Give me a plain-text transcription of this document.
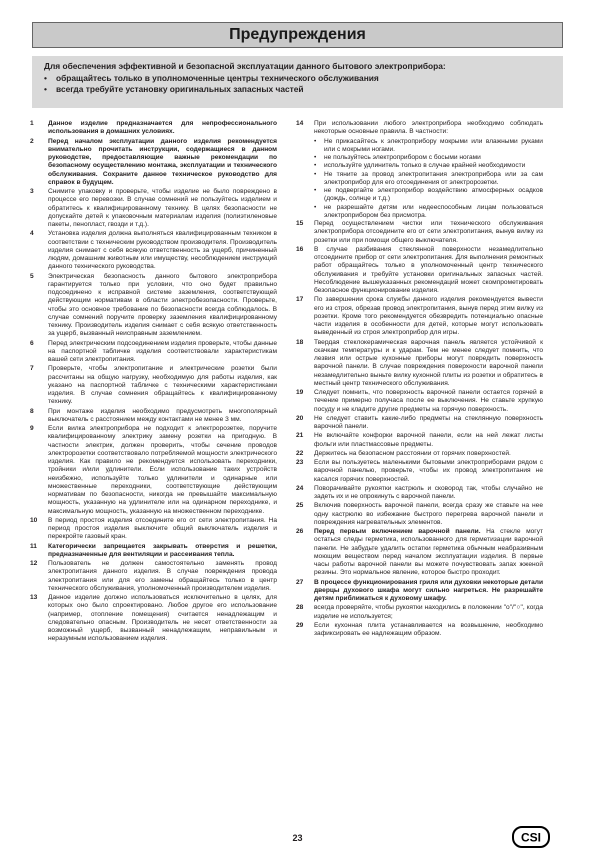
Предупреждения
Для обеспечения эффективной и безопасной эксплуатации данного бытового электроприбора:
• обращайтесь только в уполномоченные центры технического обслуживания
• всегда требуйте установку оригинальных запасных частей
1 Данное изделие предназначается для непрофессионального использования в домашних условиях.
2 Перед началом эксплуатации данного изделия рекомендуется внимательно прочитать инструкции, содержащиеся в данном руководстве, предоставляющие важные рекомендации по безопасному осуществлению монтажа, эксплуатации и технического обслуживания. Сохраните данное техническое руководство для справок в будущем.
3 Снимите упаковку и проверьте, чтобы изделие не было повреждено в процессе его перевозки. В случае сомнений не пользуйтесь изделием и обратитесь к квалифицированному технику. В целях безопасности не допускайте детей к упаковочным материалам изделия (полиэтиленовые пакеты, пенопласт, гвозди и т.д.).
4 Установка изделия должна выполняться квалифицированным техником в соответствии с техническим руководством производителя. Производитель изделия снимает с себя всякую ответственность за ущерб, причиненный людям, домашним животным или имуществу, несоблюдением инструкций данного технического руководства.
5 Электрическая безопасность данного бытового электроприбора гарантируется только при условии, что оно будет правильно подсоединено к исправной системе заземления, соответствующей действующим нормативам в области электробезопасности. Проверьте, чтобы это основное требование по безопасности всегда соблюдалось. В случае сомнений поручите проверку заземления квалифицированному технику. Производитель изделия снимает с себя всякую ответственность за ущерб, вызванный неисправным заземлением.
6 Перед электрическим подсоединением изделия проверьте, чтобы данные на паспортной табличке изделия соответствовали характеристикам вашей сети электропитания.
7 Проверьте, чтобы электропитание и электрические розетки были рассчитаны на общую нагрузку, необходимую для работы изделия, как указано на паспортной табличке с техническими характеристиками изделия. В случае сомнения обращайтесь к квалифицированному технику.
8 При монтаже изделия необходимо предусмотреть многополярный выключатель с расстоянием между контактами не менее 3 мм.
9 Если вилка электроприбора не подходит к электророзетке, поручите квалифицированному электрику замену розетки на пригодную. В частности электрик, должен проверить, чтобы сечение проводов электророзетки соответствовало потребляемой мощности электрического изделия. Как правило не рекомендуется использовать переходники, тройники и/или удлинители. Если использование таких устройств неизбежно, используйте только удлинители и одинарные или множественные переходники, соответствующие действующим нормативам по безопасности, никогда не превышайте максимальную мощность, указанную на удлинителе или на одинарном переходнике, и максимальную мощность, указанную на множественном переходнике.
10 В период простоя изделия отсоедините его от сети электропитания. На период простоя изделия выключите общий выключатель изделия и перекройте газовый кран.
11 Категорически запрещается закрывать отверстия и решетки, предназначенные для вентиляции и рассеивания тепла.
12 Пользователь не должен самостоятельно заменять провод электропитания данного изделия. В случае повреждения провода электропитания или для его замены обращайтесь только в центр технического обслуживания, уполномоченный производителем изделия.
13 Данное изделие должно использоваться исключительно в целях, для которых оно было спроектировано. Любое другое его использование (например, отопление помещения) считается ненадлежащим и следовательно опасным. Производитель не несет ответственности за возможный ущерб, вызванный ненадлежащим, неправильным и неразумным использованием изделия.
14 При использовании любого электроприбора необходимо соблюдать некоторые основные правила. В частности:
• Не прикасайтесь к электроприбору мокрыми или влажными руками или с мокрыми ногами.
• не пользуйтесь электроприбором с босыми ногами
• используйте удлинитель только в случае крайней необходимости
• Не тяните за провод электропитания электроприбора или за сам электроприбор для его отсоединения от электророзетки.
• не подвергайте электроприбор воздействию атмосферных осадков (дождь, солнце и т.д.)
• не разрешайте детям или недееспособным лицам пользоваться электроприбором без присмотра.
15 Перед осуществлением чистки или технического обслуживания электроприбора отсоедините его от сети электропитания, вынув вилку из розетки или при помощи общего выключателя.
16 В случае разбивания стеклянной поверхности незамедлительно отсоедините прибор от сети электропитания. Для выполнения ремонтных работ обращайтесь только в уполномоченный центр технического обслуживания и требуйте установки оригинальных запасных частей. Несоблюдение вышеуказанных рекомендаций может скомпрометировать безопасное функционирование изделия.
17 По завершении срока службы данного изделия рекомендуется вывести его из строя, обрезав провод электропитания, вынув перед этим вилку из розетки. Кроме того рекомендуется обезвредить потенциально опасные части изделия в особенности для детей, которые могут использовать выведенный из строя электроприбор для игры.
18 Твердая стеклокерамическая варочная панель является устойчивой к скачкам температуры и к ударам. Тем не менее следует помнить, что лезвия или острые кухонные приборы могут повредить поверхность варочной панели. В случае повреждения поверхности варочной панели незамедлительно выньте вилку кухонной плиты из розетки и обратитесь в местный центр технического обслуживания.
19 Следует помнить, что поверхность варочной панели остается горячей в течение примерно получаса после ее выключения. Не ставьте хрупкую посуду и не кладите другие предметы на горячую поверхность.
20 Не следует ставить какие-либо предметы на стеклянную поверхность варочной панели.
21 Не включайте конфорки варочной панели, если на ней лежат листы фольги или пластмассовые предметы.
22 Держитесь на безопасном расстоянии от горячих поверхностей.
23 Если вы пользуетесь маленькими бытовыми электроприборами рядом с варочной панелью, проверьте, чтобы их провод электропитания не касался горячих поверхностей.
24 Поворачивайте рукоятки кастрюль и сковород так, чтобы случайно не задеть их и не опрокинуть с варочной панели.
25 Включив поверхность варочной панели, всегда сразу же ставьте на нее одну кастрюлю во избежание быстрого перегрева варочной панели и повреждения нагревательных элементов.
26 Перед первым включением варочной панели. На стекле могут остаться следы герметика, использованного для герметизации варочной панели. Не забудьте удалить остатки герметика обычным неабразивным моющим веществом перед началом эксплуатации изделия. В первые часы работы варочной панели вы можете почувствовать запах жженой резины. Это нормальное явление, которое быстро проходит.
27 В процессе функционирования гриля или духовки некоторые детали дверцы духового шкафа могут сильно нагреться. Не разрешайте детям приближаться к духовому шкафу.
28 всегда проверяйте, чтобы рукоятки находились в положении "o"/"○", когда изделие не используется;
29 Если кухонная плита устанавливается на возвышение, необходимо зафиксировать ее надлежащим образом.
23	CSI
